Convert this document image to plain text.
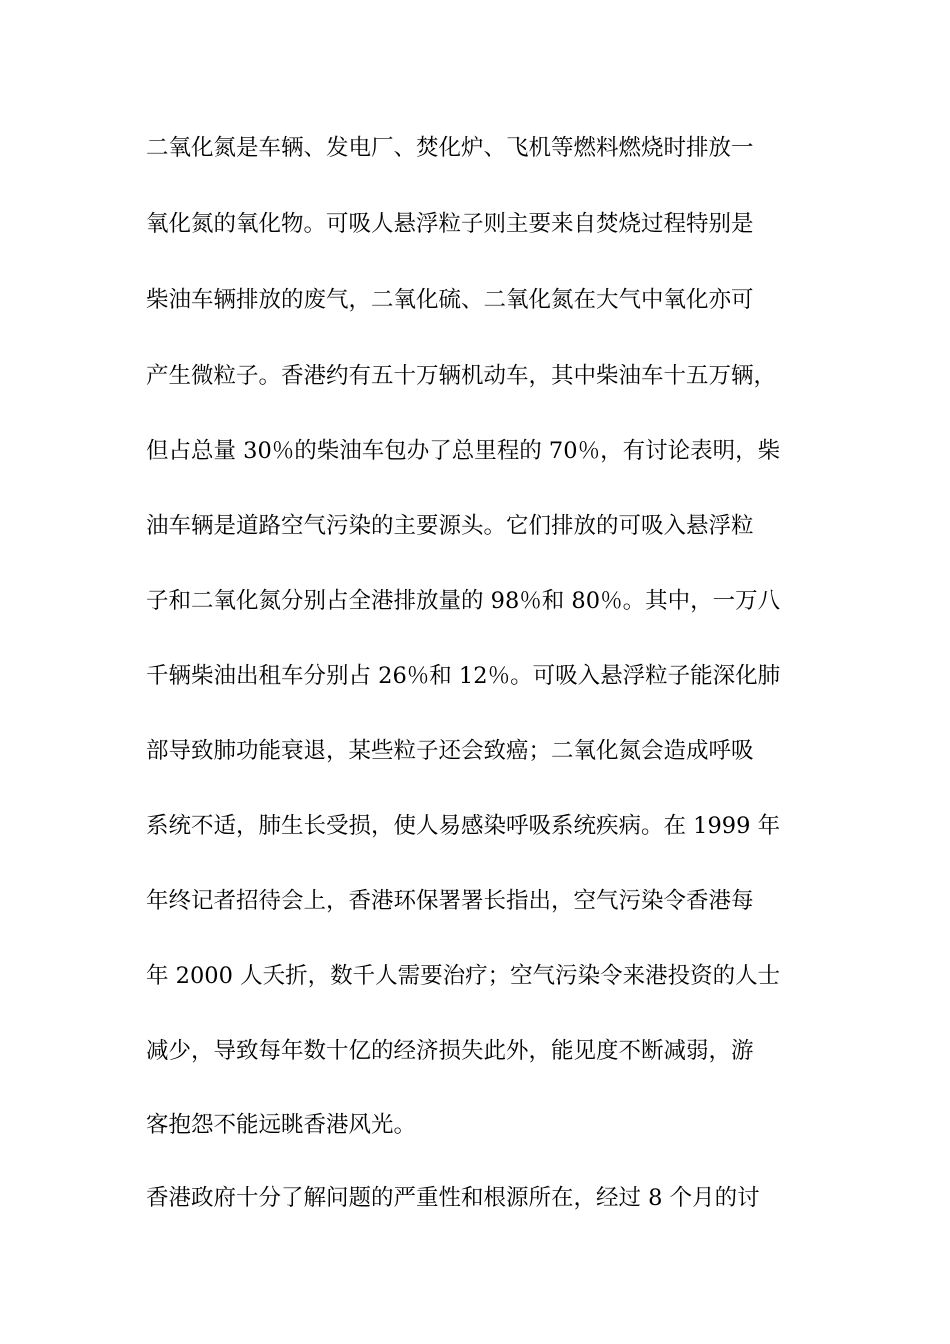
二氧化氮是车辆、发电厂、焚化炉、飞机等燃料燃烧时排放一
氧化氮的氧化物。可吸人悬浮粒子则主要来自焚烧过程特别是
柴油车辆排放的废气，二氧化硫、二氧化氮在大气中氧化亦可
产生微粒子。香港约有五十万辆机动车，其中柴油车十五万辆，
但占总量 30％的柴油车包办了总里程的 70％，有讨论表明，柴
油车辆是道路空气污染的主要源头。它们排放的可吸入悬浮粒
子和二氧化氮分别占全港排放量的 98％和 80％。其中，一万八
千辆柴油出租车分别占 26％和 12％。可吸入悬浮粒子能深化肺
部导致肺功能衰退，某些粒子还会致癌；二氧化氮会造成呼吸
系统不适，肺生长受损，使人易感染呼吸系统疾病。在 1999 年
年终记者招待会上，香港环保署署长指出，空气污染令香港每
年 2000 人夭折，数千人需要治疗；空气污染令来港投资的人士
减少，导致每年数十亿的经济损失此外，能见度不断减弱，游
客抱怨不能远眺香港风光。
香港政府十分了解问题的严重性和根源所在，经过 8 个月的讨
